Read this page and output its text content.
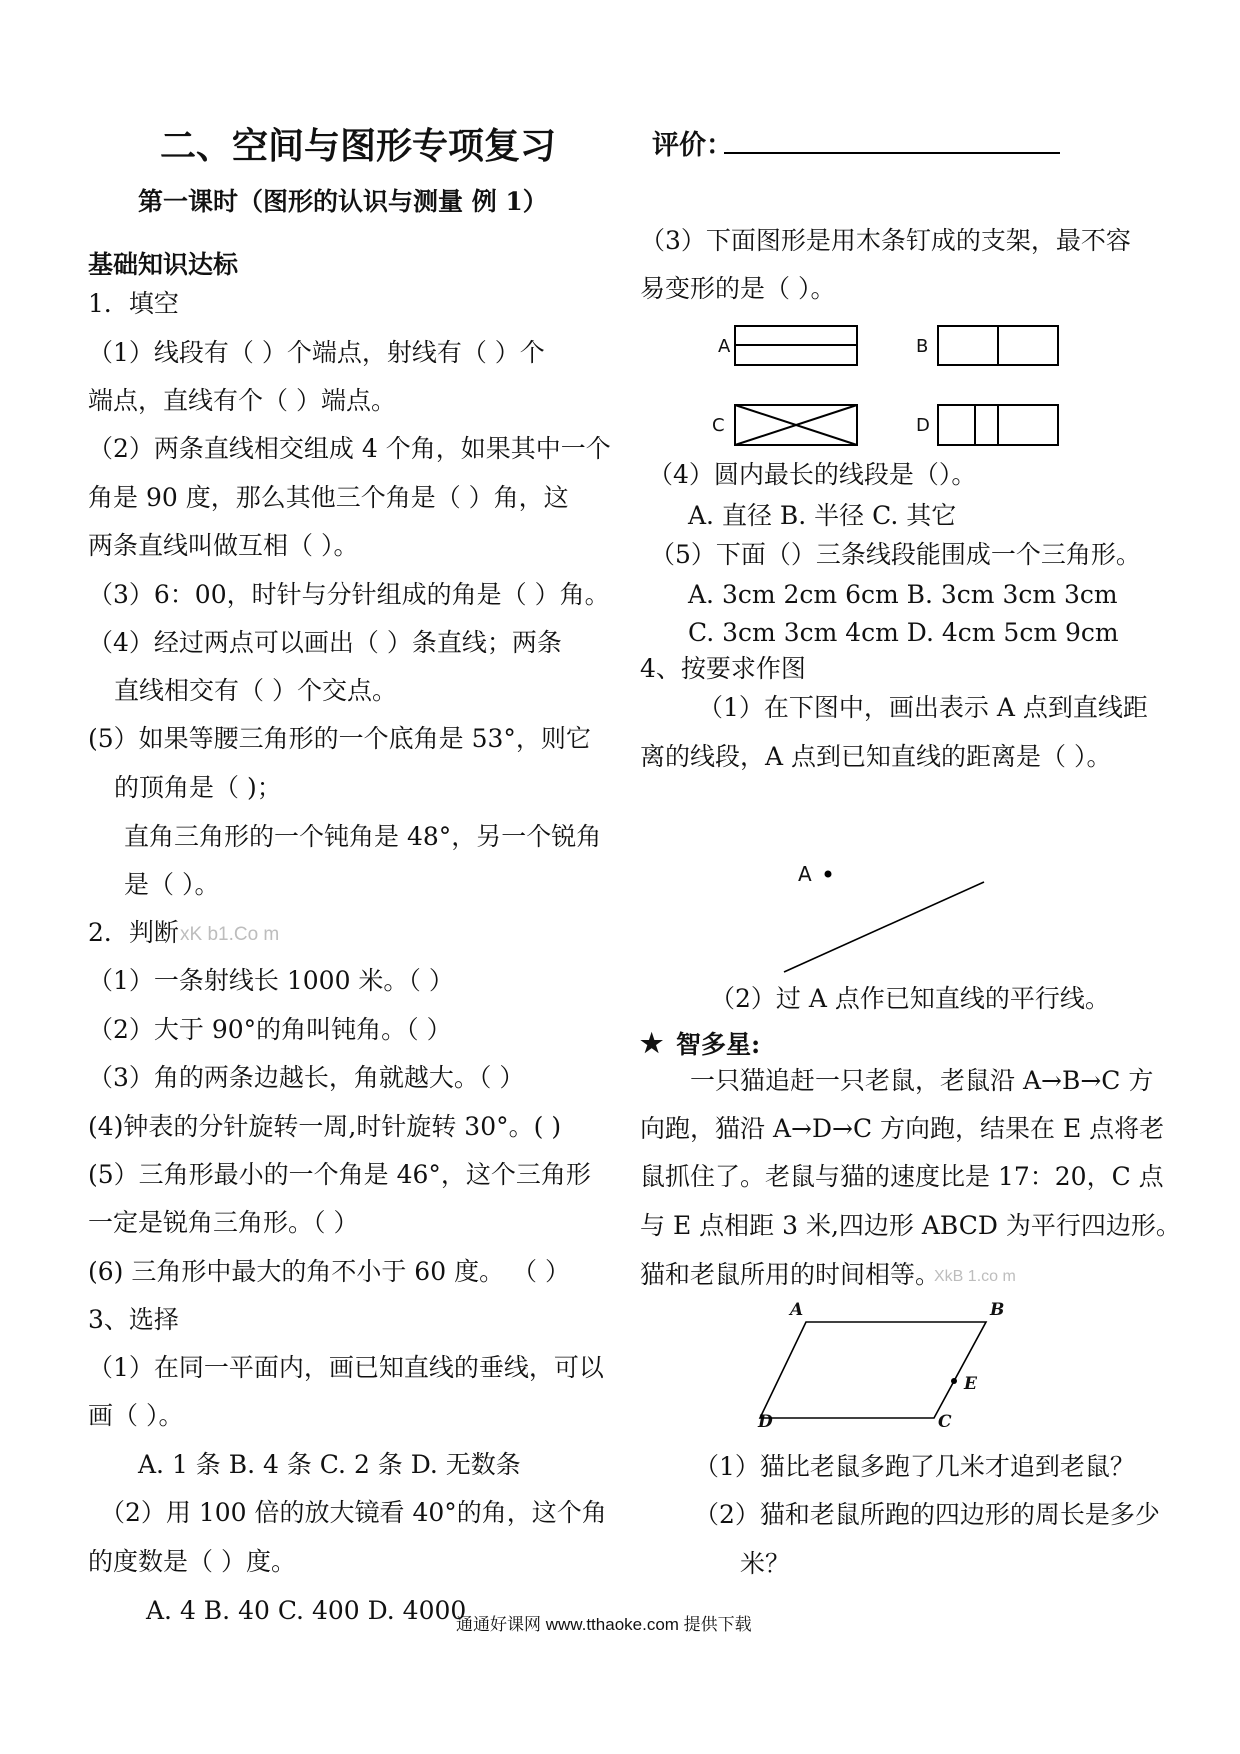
二、空间与图形专项复习
第一课时（图形的认识与测量 例 1）
评价：
基础知识达标
1．填空
（1）线段有（ ）个端点，射线有（ ）个
端点，直线有个（ ）端点。
（2）两条直线相交组成 4 个角，如果其中一个
角是 90 度，那么其他三个角是（ ）角，这
两条直线叫做互相（ ）。
（3）6：00，时针与分针组成的角是（ ）角。
（4）经过两点可以画出（ ）条直线；两条
直线相交有（ ）个交点。
(5）如果等腰三角形的一个底角是 53°，则它
的顶角是（ )；
直角三角形的一个钝角是 48°，另一个锐角
是（ ）。
2．判断 xK b1.Co m
（1）一条射线长 1000 米。（ ）
（2）大于 90°的角叫钝角。（ ）
（3）角的两条边越长，角就越大。（ ）
(4)钟表的分针旋转一周,时针旋转 30°。( )
(5）三角形最小的一个角是 46°，这个三角形
一定是锐角三角形。（ ）
(6) 三角形中最大的角不小于 60 度。 （ ）
3、选择
（1）在同一平面内，画已知直线的垂线，可以
画（ ）。
A. 1 条 B. 4 条 C. 2 条 D. 无数条
（2）用 100 倍的放大镜看 40°的角，这个角
的度数是（ ）度。
A. 4 B. 40 C. 400 D. 4000
（3）下面图形是用木条钉成的支架，最不容
易变形的是（ ）。
A	B
C	D
（4）圆内最长的线段是（）。
A. 直径 B. 半径 C. 其它
（5）下面（）三条线段能围成一个三角形。
A. 3cm 2cm 6cm B. 3cm 3cm 3cm
C. 3cm 3cm 4cm D. 4cm 5cm 9cm
4、按要求作图
（1）在下图中，画出表示 A 点到直线距
离的线段，A 点到已知直线的距离是（ ）。
A
（2）过 A 点作已知直线的平行线。
★ 智多星:
一只猫追赶一只老鼠，老鼠沿 A→B→C 方
向跑，猫沿 A→D→C 方向跑，结果在 E 点将老
鼠抓住了。老鼠与猫的速度比是 17：20，C 点
与 E 点相距 3 米,四边形 ABCD 为平行四边形。
猫和老鼠所用的时间相等。
XkB 1.co m
A	B
C
D
E
（1）猫比老鼠多跑了几米才追到老鼠？
（2）猫和老鼠所跑的四边形的周长是多少
米？
通通好课网 www.tthaoke.com 提供下载
